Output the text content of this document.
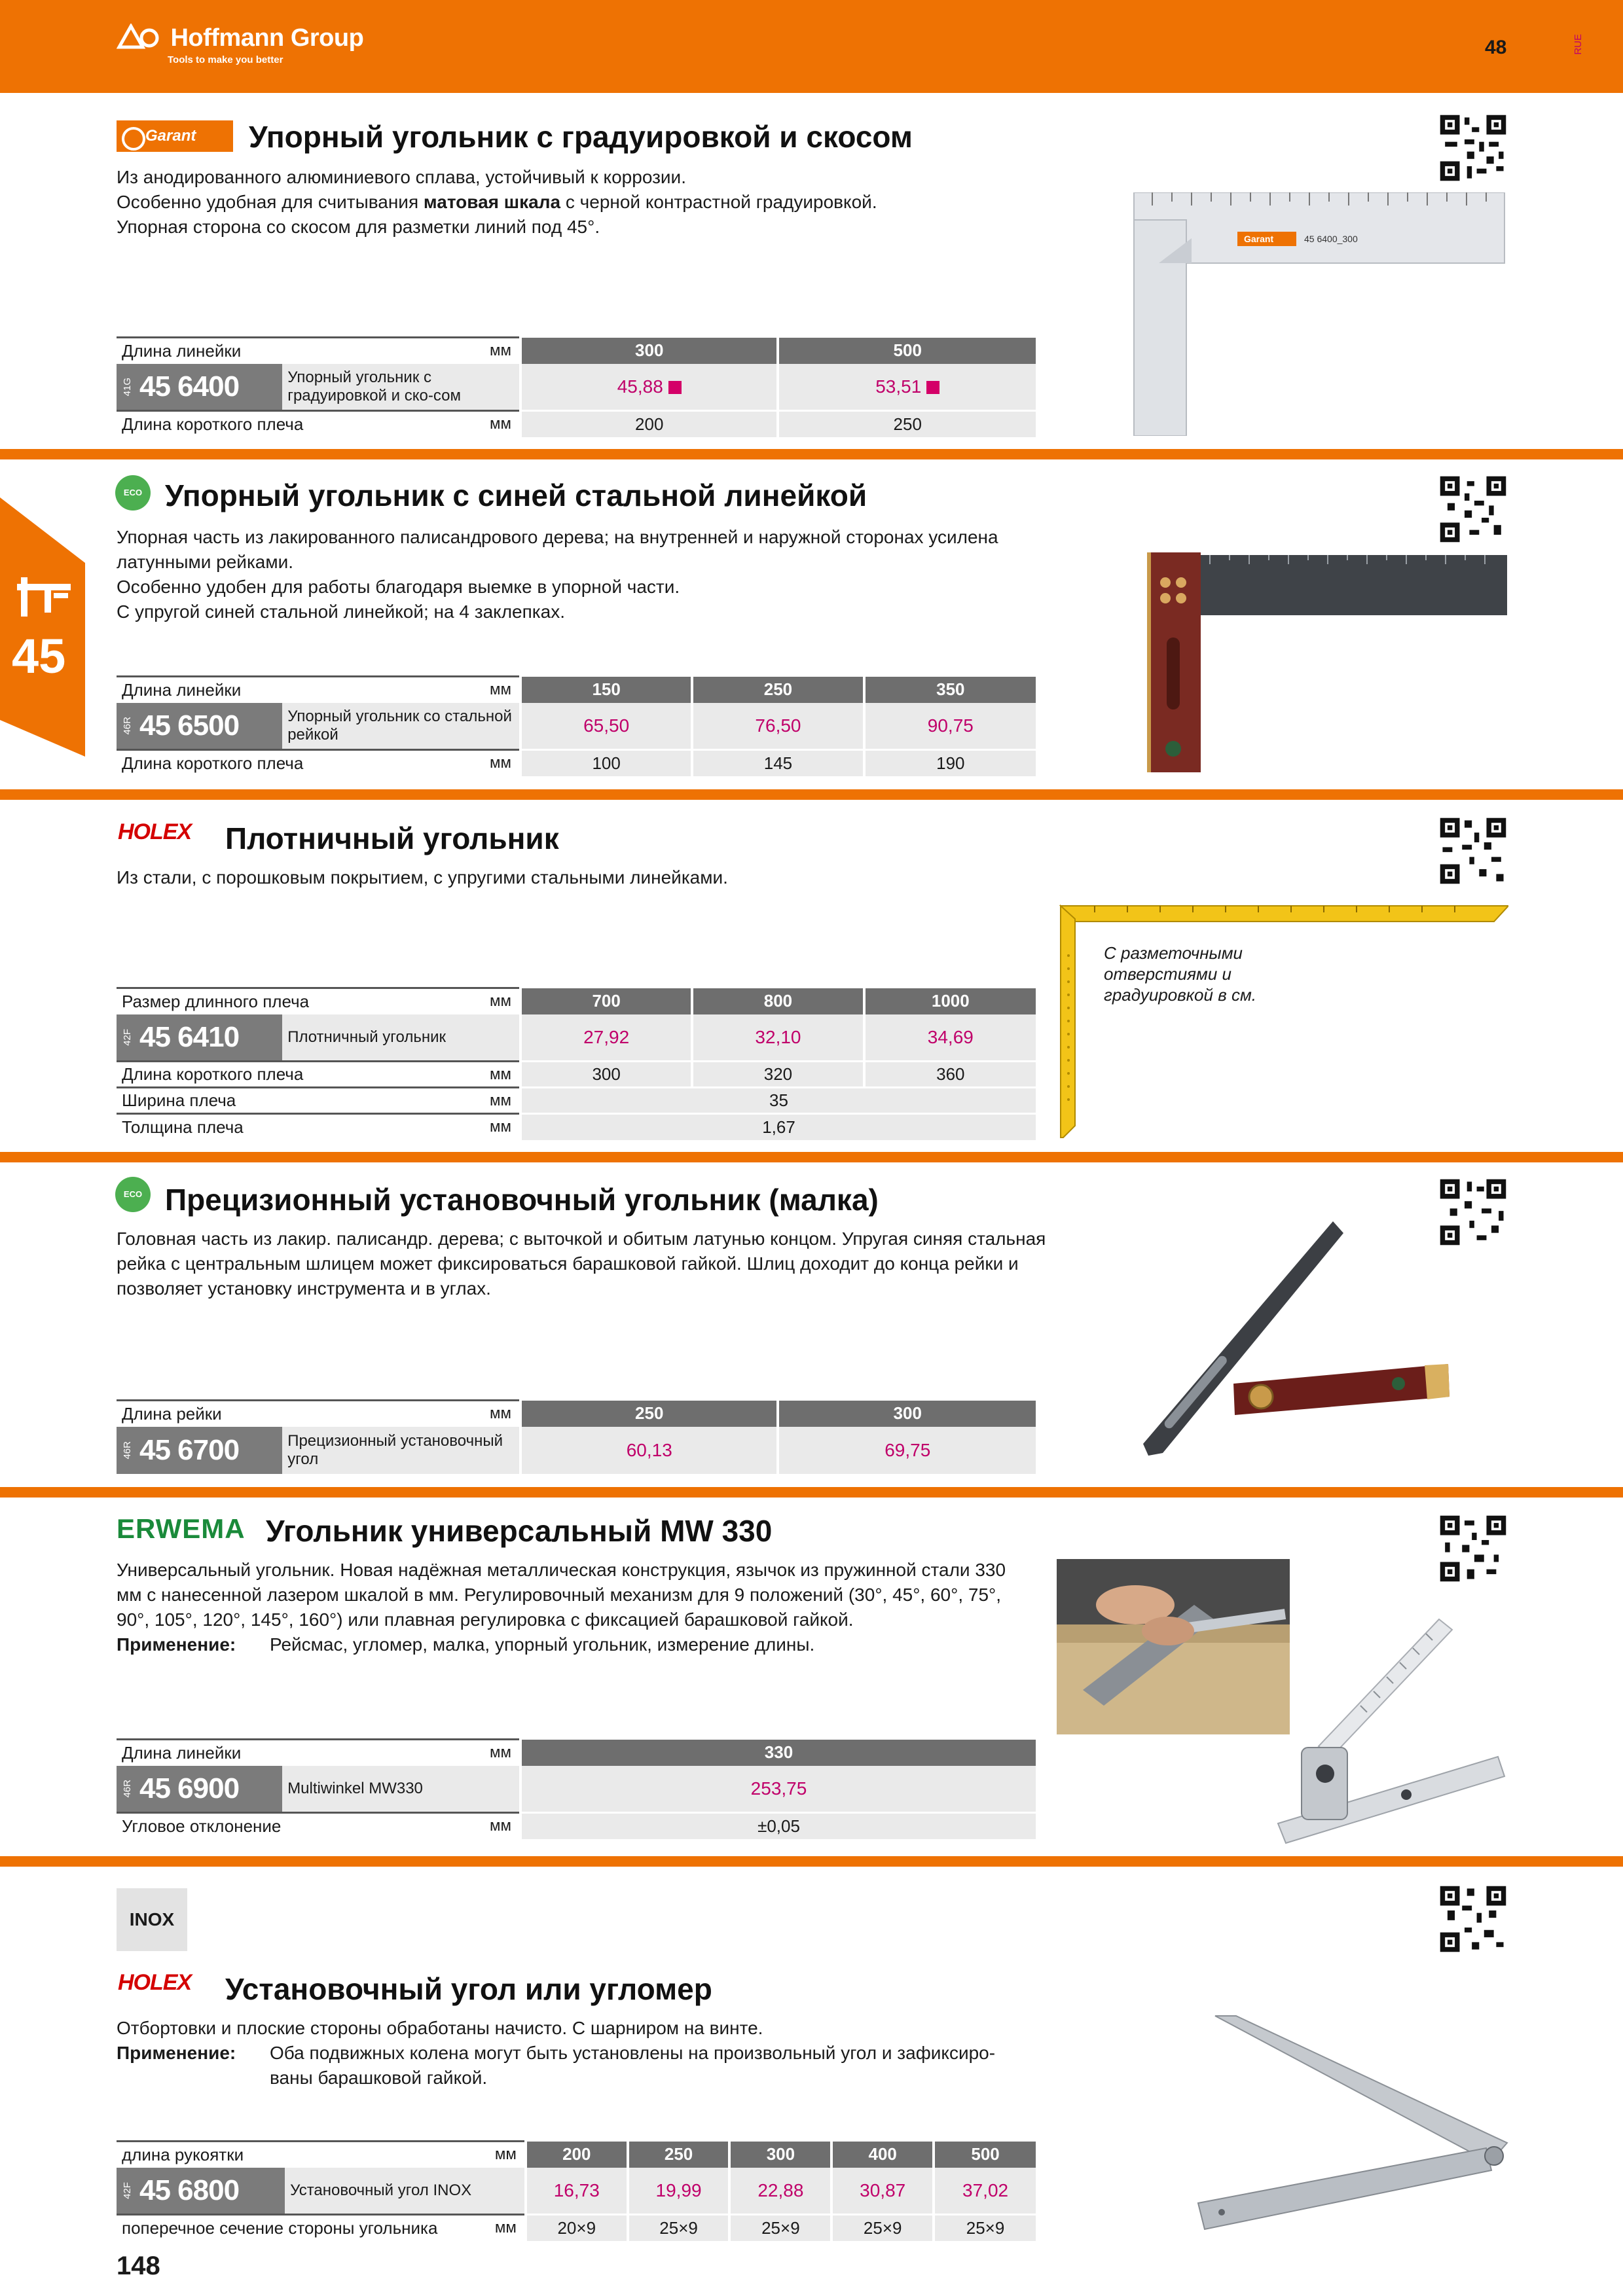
Hoffmann Group
Tools to make you better
48	RUE
45
Garant	Упорный угольник с градуировкой и скосом
Из анодированного алюминиевого сплава, устойчивый к коррозии.
Особенно удобная для считывания матовая шкала с черной контрастной градуировкой.
Упорная сторона со скосом для разметки линий под 45°.
Garant	45 6400_300
Длина линейки		мм	300	500
41G 45 6400	Упорный угольник с градуировкой и ско-сом		45,88	53,51
Длина короткого плеча		мм	200	250
ECO Упорный угольник с синей стальной линейкой
Упорная часть из лакированного палисандрового дерева; на внутренней и наружной сторонах усилена латунными рейками.
Особенно удобен для работы благодаря выемке в упорной части.
С упругой синей стальной линейкой; на 4 заклепках.
Длина линейки		мм	150	250	350
46R 45 6500	Упорный угольник со стальной рейкой		65,50	76,50	90,75
Длина короткого плеча		мм	100	145	190
HOLEX Плотничный угольник
Из стали, с порошковым покрытием, с упругими стальными линейками.
С разметочными
отверстиями и
градуировкой в см.
Размер длинного плеча		мм	700	800	1000
42F 45 6410	Плотничный угольник		27,92	32,10	34,69
Длина короткого плеча		мм	300	320	360
Ширина плеча		мм	35		
Толщина плеча		мм	1,67		
ECO Прецизионный установочный угольник (малка)
Головная часть из лакир. палисандр. дерева; с выточкой и обитым латунью концом. Упругая синяя стальная рейка с центральным шлицем может фиксироваться барашковой гайкой. Шлиц доходит до конца рейки и позволяет установку инструмента и в углах.
Длина рейки		мм	250	300
46R 45 6700	Прецизионный установочный угол		60,13	69,75
ERWEMA Угольник универсальный MW 330
Универсальный угольник. Новая надёжная металлическая конструкция, язычок из пружинной стали 330 мм с нанесенной лазером шкалой в мм. Регулировочный механизм для 9 положений (30°, 45°, 60°, 75°, 90°, 105°, 120°, 145°, 160°) или плавная регулировка с фиксацией барашковой гайкой.
Применение: Рейсмас, угломер, малка, упорный угольник, измерение длины.
Длина линейки		мм	330
46R 45 6900	Multiwinkel MW330		253,75
Угловое отклонение		мм	±0,05
INOX
HOLEX Установочный угол или угломер
Отбортовки и плоские стороны обработаны начисто. С шарниром на винте.
Применение: Оба подвижных колена могут быть установлены на произвольный угол и зафиксиро-ваны барашковой гайкой.
длина рукоятки		мм	200	250	300	400	500
42F 45 6800	Установочный угол INOX		16,73	19,99	22,88	30,87	37,02
поперечное сечение стороны угольника		мм	20×9	25×9	25×9	25×9	25×9
148
